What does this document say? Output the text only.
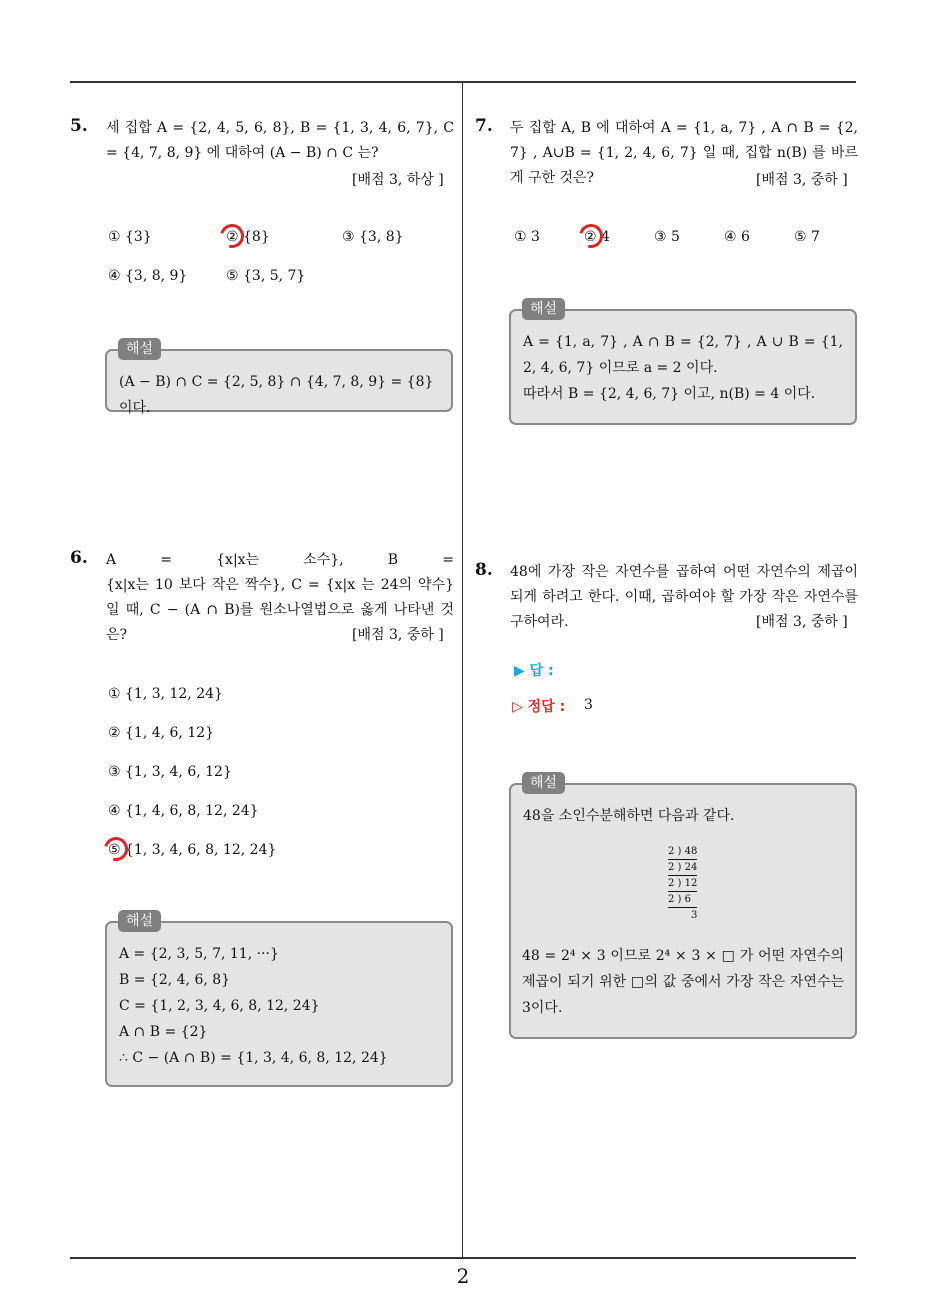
5. 세 집합 A = {2, 4, 5, 6, 8}, B = {1, 3, 4, 6, 7}, C = {4, 7, 8, 9} 에 대하여 (A − B) ∩ C 는?
[배점 3, 하상 ]
① {3}	② {8}	③ {3, 8}
④ {3, 8, 9}	⑤ {3, 5, 7}
(A − B) ∩ C = {2, 5, 8} ∩ {4, 7, 8, 9} = {8} 이다.
해설
6. A	=	{x|x는	소수},	B	=
{x|x는 10 보다 작은 짝수}, C = {x|x 는 24의 약수} 일 때, C − (A ∩ B)를 원소나열법으로 옳게 나타낸 것은?	[배점 3, 중하 ]
① {1, 3, 12, 24}
② {1, 4, 6, 12}
③ {1, 3, 4, 6, 12}
④ {1, 4, 6, 8, 12, 24}
⑤ {1, 3, 4, 6, 8, 12, 24}
A = {2, 3, 5, 7, 11, ···}
B = {2, 4, 6, 8}
C = {1, 2, 3, 4, 6, 8, 12, 24}
A ∩ B = {2}
∴ C − (A ∩ B) = {1, 3, 4, 6, 8, 12, 24}
해설
7. 두 집합 A, B 에 대하여 A = {1, a, 7} , A ∩ B = {2, 7} , A∪B = {1, 2, 4, 6, 7} 일 때, 집합 n(B) 를 바르게 구한 것은?	[배점 3, 중하 ]
① 3	② 4	③ 5	④ 6	⑤ 7
A = {1, a, 7} , A ∩ B = {2, 7} , A ∪ B = {1, 2, 4, 6, 7} 이므로 a = 2 이다.
따라서 B = {2, 4, 6, 7} 이고, n(B) = 4 이다.
해설
8. 48에 가장 작은 자연수를 곱하여 어떤 자연수의 제곱이 되게 하려고 한다. 이때, 곱하여야 할 가장 작은 자연수를 구하여라.	[배점 3, 중하 ]
▶ 답 :
▷ 정답 : 3
48을 소인수분해하면 다음과 같다.
해설
2 ) 48
2 ) 24
2 ) 12
2 ) 6
3
48 = 2⁴ × 3 이므로 2⁴ × 3 × □ 가 어떤 자연수의 제곱이 되기 위한 □의 값 중에서 가장 작은 자연수는 3이다.
2
